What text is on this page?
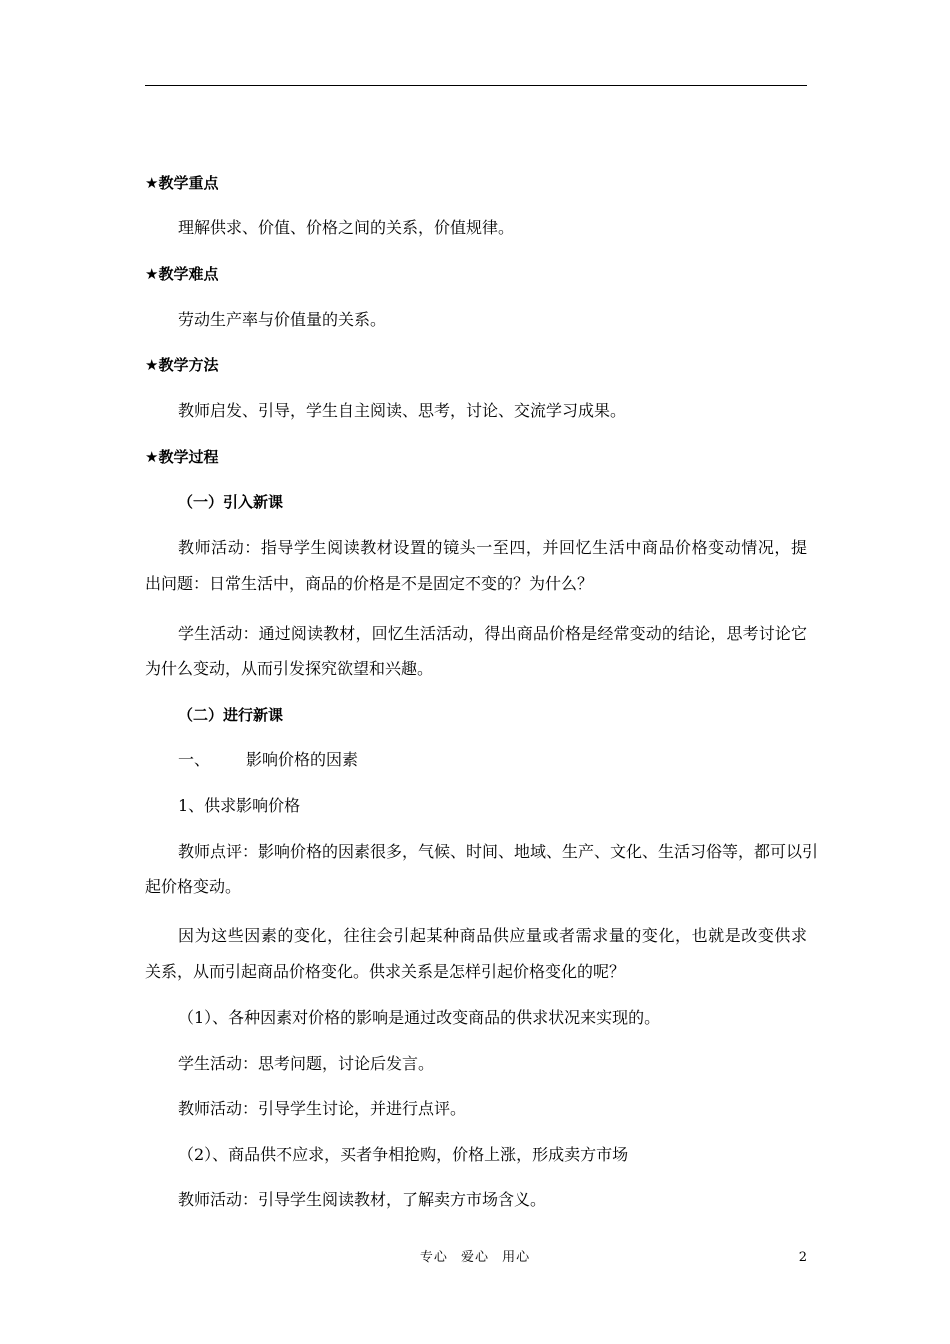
★教学重点
理解供求、价值、价格之间的关系，价值规律。
★教学难点
劳动生产率与价值量的关系。
★教学方法
教师启发、引导，学生自主阅读、思考，讨论、交流学习成果。
★教学过程
（一）引入新课
教师活动：指导学生阅读教材设置的镜头一至四，并回忆生活中商品价格变动情况，提
出问题：日常生活中，商品的价格是不是固定不变的？为什么？
学生活动：通过阅读教材，回忆生活活动，得出商品价格是经常变动的结论，思考讨论它
为什么变动，从而引发探究欲望和兴趣。
（二）进行新课
一、 影响价格的因素
1、供求影响价格
教师点评：影响价格的因素很多，气候、时间、地域、生产、文化、生活习俗等，都可以引
起价格变动。
因为这些因素的变化，往往会引起某种商品供应量或者需求量的变化，也就是改变供求
关系，从而引起商品价格变化。供求关系是怎样引起价格变化的呢？
（1）、各种因素对价格的影响是通过改变商品的供求状况来实现的。
学生活动：思考问题，讨论后发言。
教师活动：引导学生讨论，并进行点评。
（2）、商品供不应求，买者争相抢购，价格上涨，形成卖方市场
教师活动：引导学生阅读教材，了解卖方市场含义。
专心 爱心 用心	2
